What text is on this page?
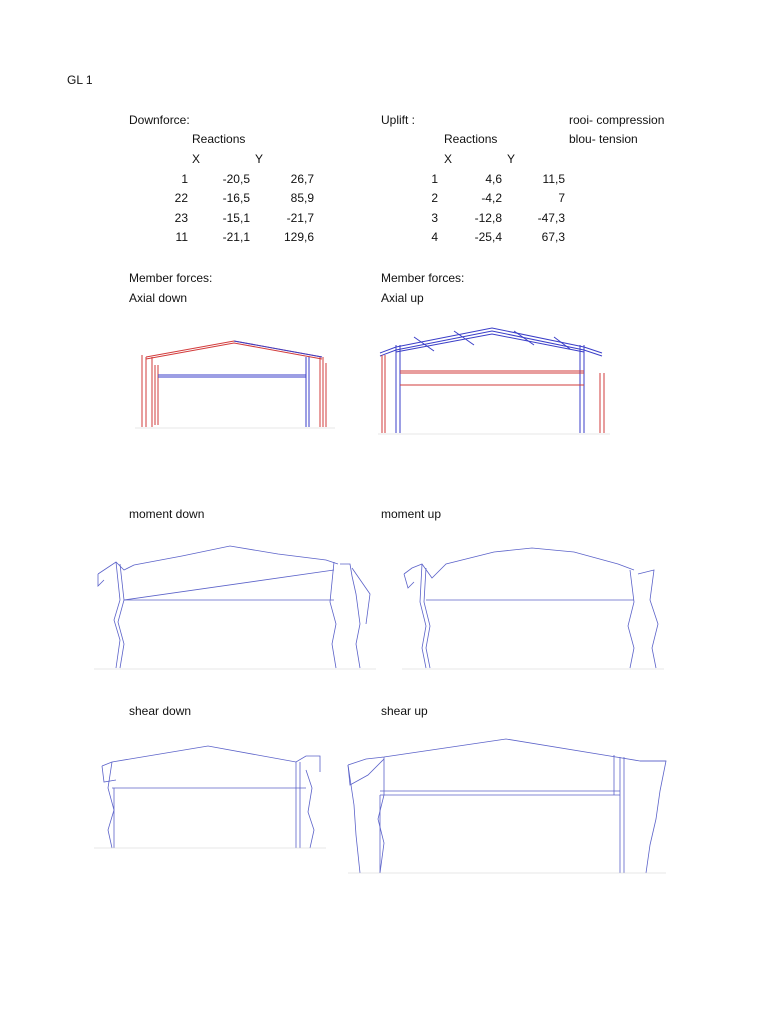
GL 1
Downforce:
Reactions
X	Y
1	-20,5	26,7
22	-16,5	85,9
23	-15,1	-21,7
11	-21,1	129,6
Uplift :
Reactions
X	Y
1	4,6	11,5
2	-4,2	7
3	-12,8	-47,3
4	-25,4	67,3
rooi- compression
blou- tension
Member forces:
Axial down
Member forces:
Axial up
moment down	moment up
shear down	shear up
